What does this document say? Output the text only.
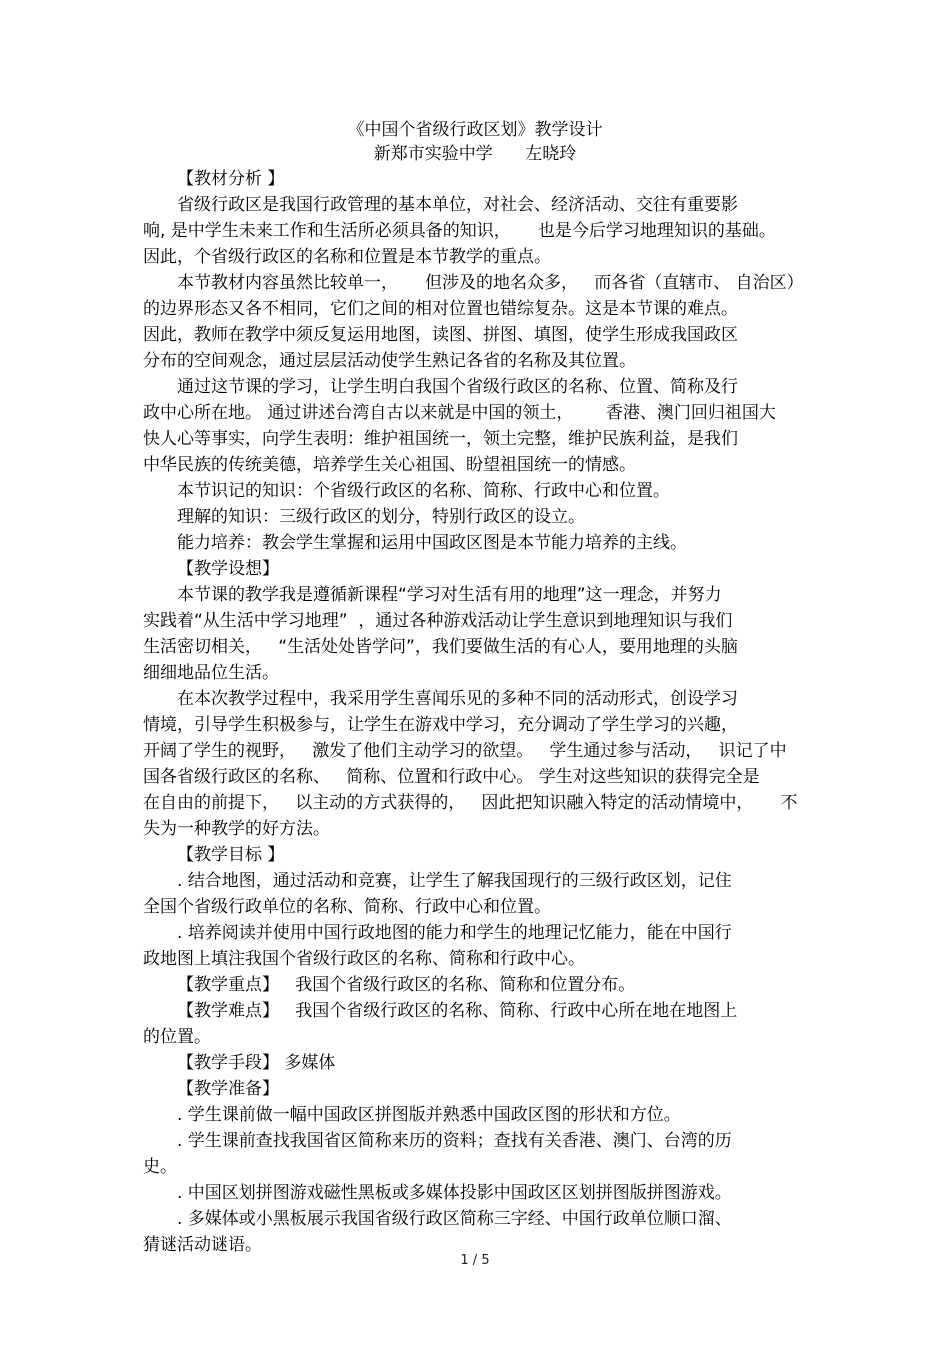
《中国个省级行政区划》教学设计
新郑市实验中学      左晓玲
【教材分析 】
省级行政区是我国行政管理的基本单位，对社会、经济活动、交往有重要影
响, 是中学生未来工作和生活所必须具备的知识，     也是今后学习地理知识的基础。
因此，个省级行政区的名称和位置是本节教学的重点。
本节教材内容虽然比较单一，     但涉及的地名众多，   而各省（直辖市、 自治区）
的边界形态又各不相同，它们之间的相对位置也错综复杂。这是本节课的难点。
因此，教师在教学中须反复运用地图，读图、拼图、填图，使学生形成我国政区
分布的空间观念，通过层层活动使学生熟记各省的名称及其位置。
通过这节课的学习，让学生明白我国个省级行政区的名称、位置、简称及行
政中心所在地。 通过讲述台湾自古以来就是中国的领土，      香港、澳门回归祖国大
快人心等事实，向学生表明：维护祖国统一，领土完整，维护民族利益，是我们
中华民族的传统美德，培养学生关心祖国、盼望祖国统一的情感。
本节识记的知识：个省级行政区的名称、简称、行政中心和位置。
理解的知识：三级行政区的划分，特别行政区的设立。
能力培养：教会学生掌握和运用中国政区图是本节能力培养的主线。
【教学设想】
本节课的教学我是遵循新课程“学习对生活有用的地理”这一理念，并努力
实践着“从生活中学习地理”  ，通过各种游戏活动让学生意识到地理知识与我们
生活密切相关，   “生活处处皆学问”，我们要做生活的有心人，要用地理的头脑
细细地品位生活。
在本次教学过程中，我采用学生喜闻乐见的多种不同的活动形式，创设学习
情境，引导学生积极参与，让学生在游戏中学习，充分调动了学生学习的兴趣，
开阔了学生的视野，   激发了他们主动学习的欲望。   学生通过参与活动，   识记了中
国各省级行政区的名称、   简称、位置和行政中心。 学生对这些知识的获得完全是
在自由的前提下，   以主动的方式获得的，   因此把知识融入特定的活动情境中，     不
失为一种教学的好方法。
【教学目标 】
. 结合地图，通过活动和竞赛，让学生了解我国现行的三级行政区划，记住
全国个省级行政单位的名称、简称、行政中心和位置。
. 培养阅读并使用中国行政地图的能力和学生的地理记忆能力，能在中国行
政地图上填注我国个省级行政区的名称、简称和行政中心。
【教学重点】   我国个省级行政区的名称、简称和位置分布。
【教学难点】   我国个省级行政区的名称、简称、行政中心所在地在地图上
的位置。
【教学手段】 多媒体
【教学准备】
. 学生课前做一幅中国政区拼图版并熟悉中国政区图的形状和方位。
. 学生课前查找我国省区简称来历的资料；查找有关香港、澳门、台湾的历
史。
. 中国区划拼图游戏磁性黑板或多媒体投影中国政区区划拼图版拼图游戏。
. 多媒体或小黑板展示我国省级行政区简称三字经、中国行政单位顺口溜、
猜谜活动谜语。
1 / 5
